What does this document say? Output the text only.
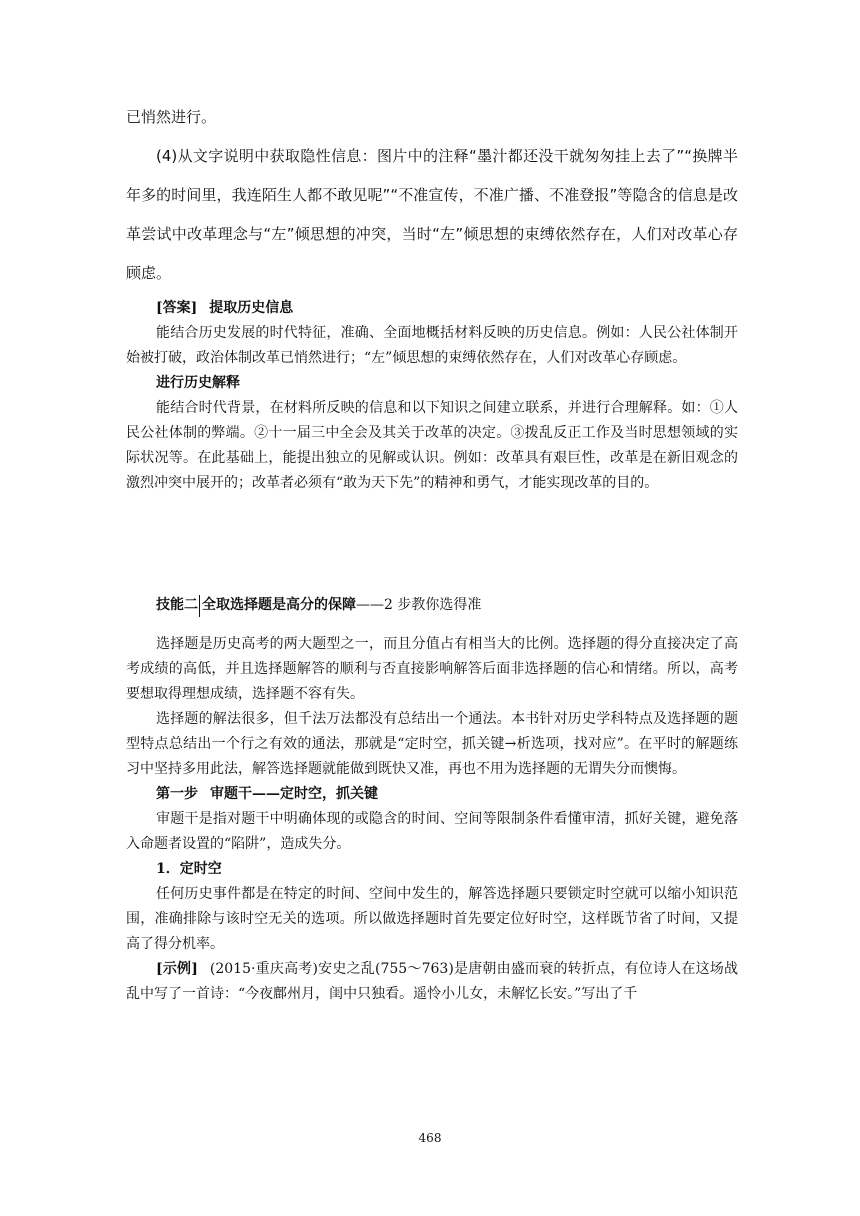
已悄然进行。
(4)从文字说明中获取隐性信息：图片中的注释“墨汁都还没干就匆匆挂上去了”“换牌半年多的时间里，我连陌生人都不敢见呢”“不准宣传，不准广播、不准登报”等隐含的信息是改革尝试中改革理念与“左”倾思想的冲突，当时“左”倾思想的束缚依然存在，人们对改革心存顾虑。
[答案] 提取历史信息
能结合历史发展的时代特征，准确、全面地概括材料反映的历史信息。例如：人民公社体制开始被打破，政治体制改革已悄然进行；“左”倾思想的束缚依然存在，人们对改革心存顾虑。
进行历史解释
能结合时代背景，在材料所反映的信息和以下知识之间建立联系，并进行合理解释。如：①人民公社体制的弊端。②十一届三中全会及其关于改革的决定。③拨乱反正工作及当时思想领域的实际状况等。在此基础上，能提出独立的见解或认识。例如：改革具有艰巨性，改革是在新旧观念的激烈冲突中展开的；改革者必须有“敢为天下先”的精神和勇气，才能实现改革的目的。
技能二 全取选择题是高分的保障——2 步教你选得准
选择题是历史高考的两大题型之一，而且分值占有相当大的比例。选择题的得分直接决定了高考成绩的高低，并且选择题解答的顺利与否直接影响解答后面非选择题的信心和情绪。所以，高考要想取得理想成绩，选择题不容有失。
选择题的解法很多，但千法万法都没有总结出一个通法。本书针对历史学科特点及选择题的题型特点总结出一个行之有效的通法，那就是“定时空，抓关键→析选项，找对应”。在平时的解题练习中坚持多用此法，解答选择题就能做到既快又准，再也不用为选择题的无谓失分而懊悔。
第一步 审题干——定时空，抓关键
审题干是指对题干中明确体现的或隐含的时间、空间等限制条件看懂审清，抓好关键，避免落入命题者设置的“陷阱”，造成失分。
1．定时空
任何历史事件都是在特定的时间、空间中发生的，解答选择题只要锁定时空就可以缩小知识范围，准确排除与该时空无关的选项。所以做选择题时首先要定位好时空，这样既节省了时间，又提高了得分机率。
[示例] (2015·重庆高考)安史之乱(755～763)是唐朝由盛而衰的转折点，有位诗人在这场战乱中写了一首诗：“今夜鄜州月，闺中只独看。遥怜小儿女，未解忆长安。”写出了千
468
